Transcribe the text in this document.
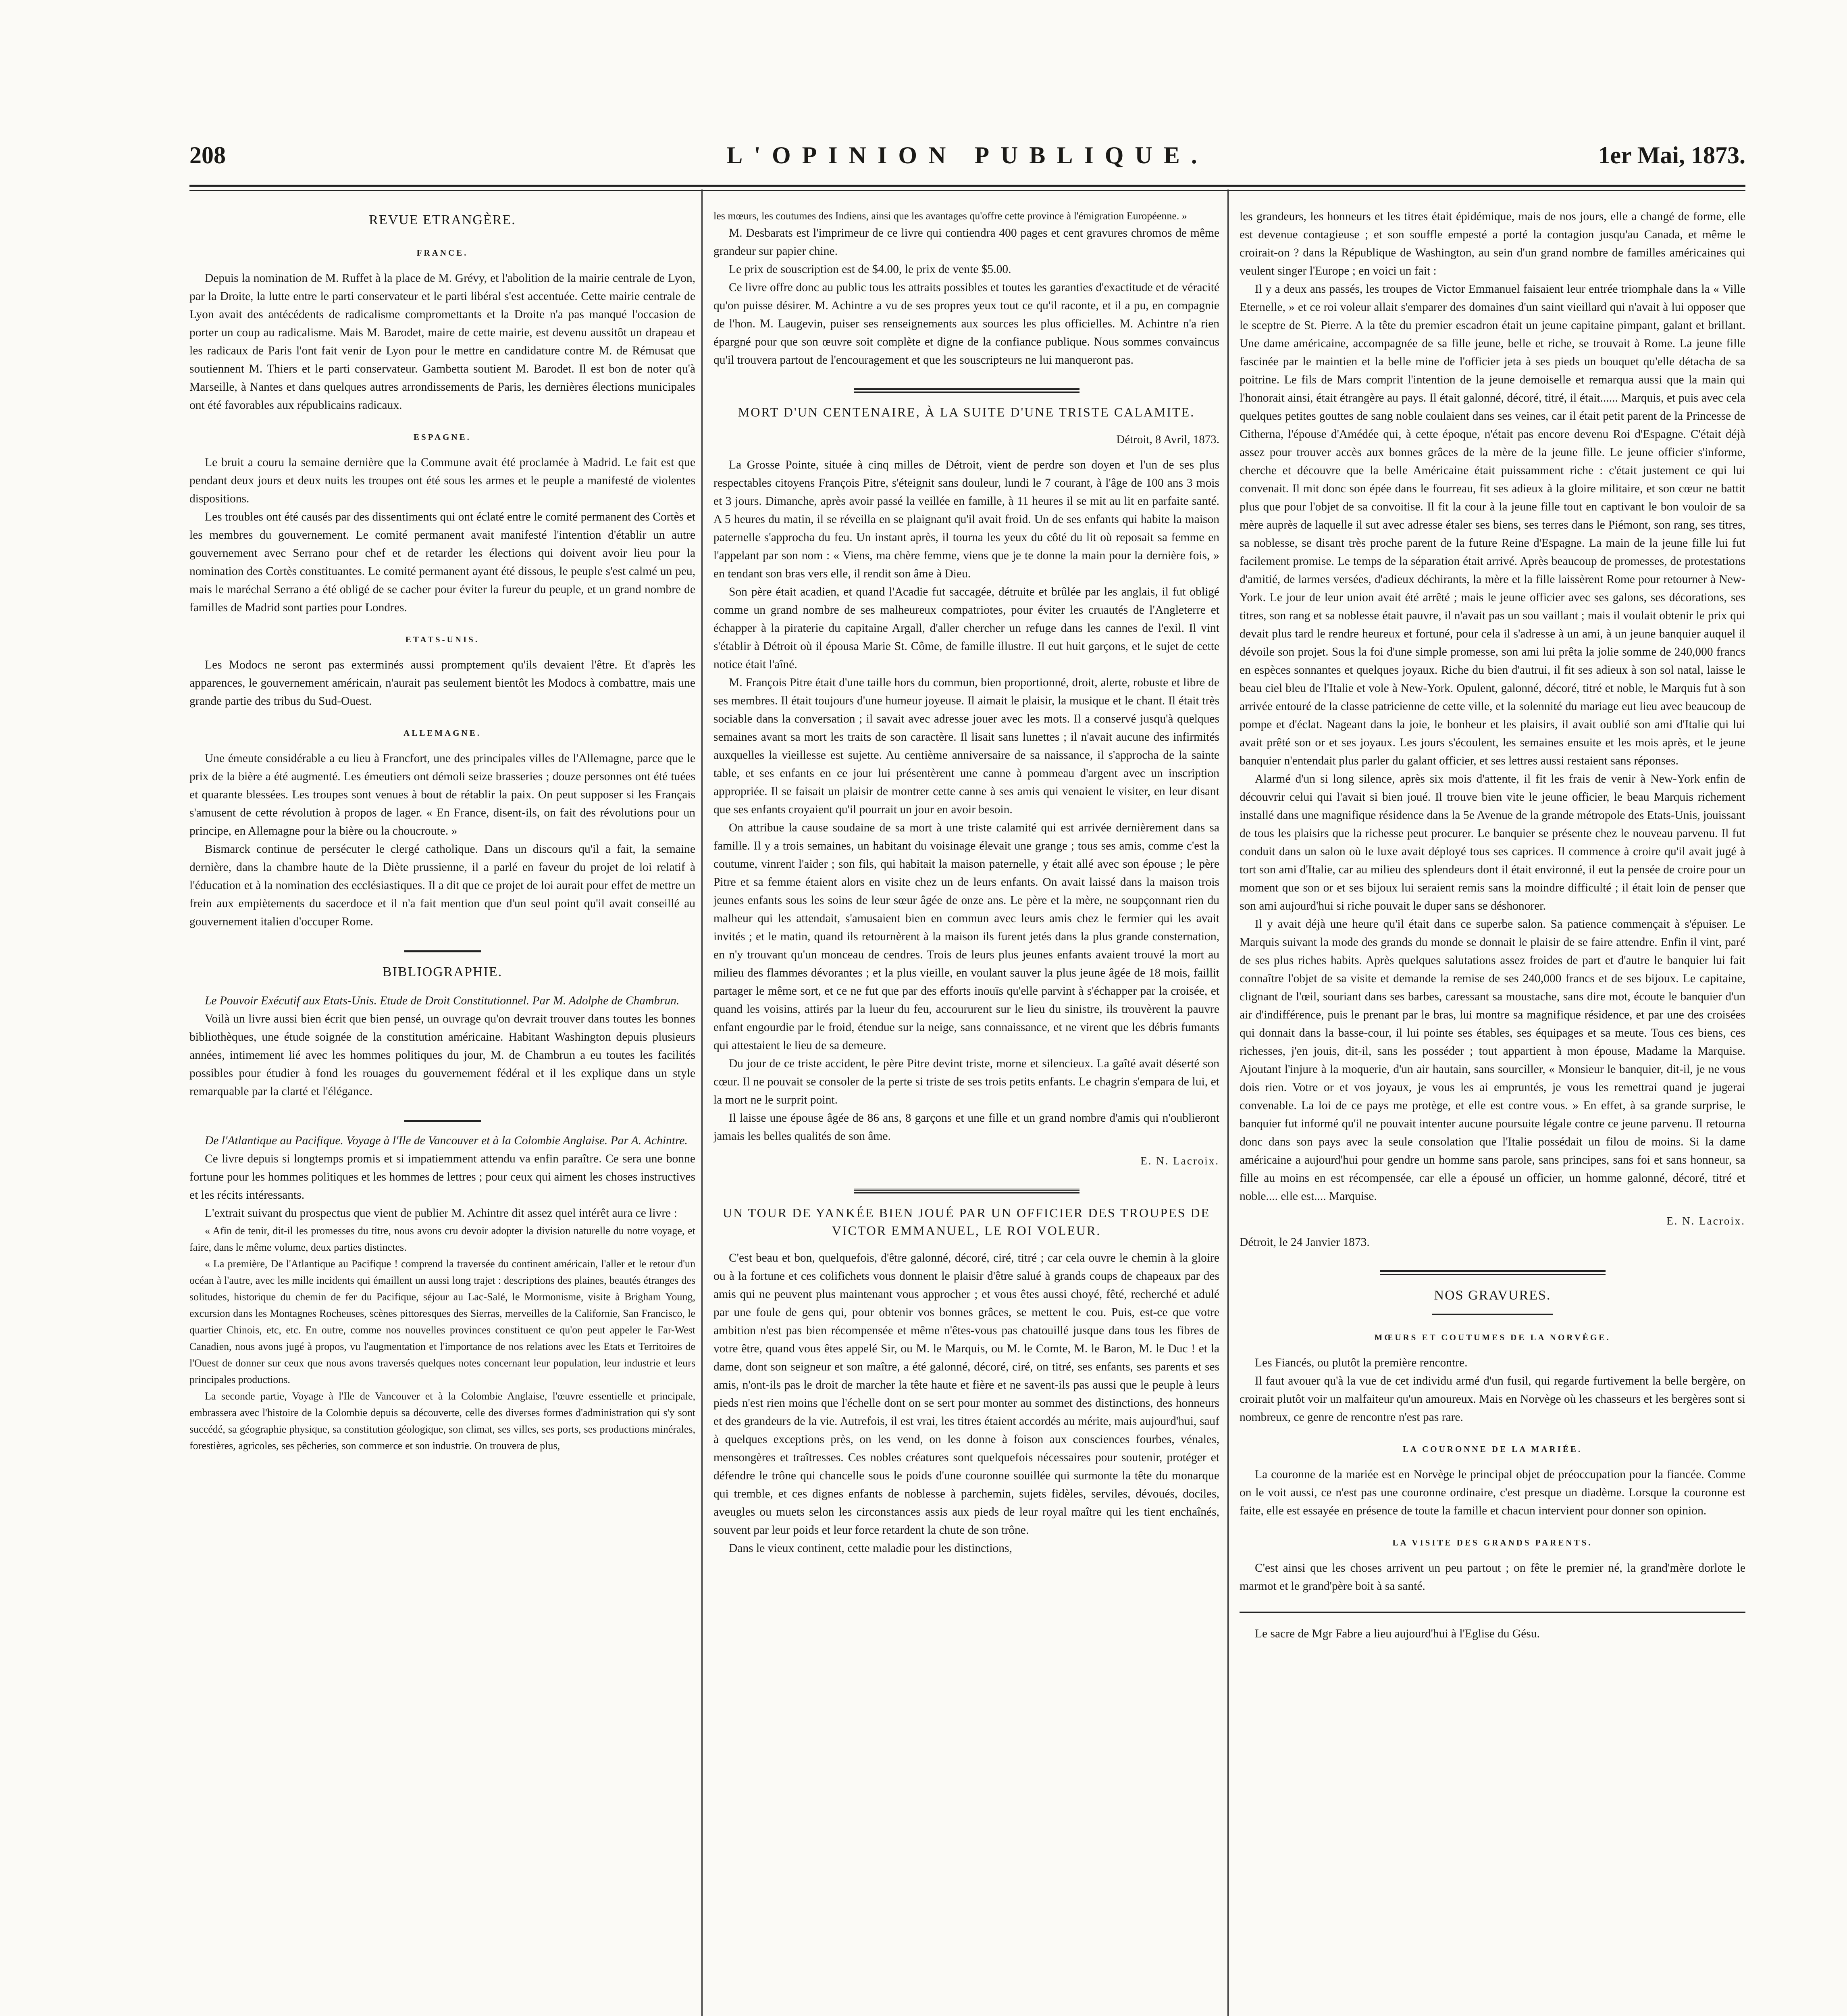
208	L'OPINION PUBLIQUE.	1er Mai, 1873.
REVUE ETRANGÈRE.
FRANCE.

Depuis la nomination de M. Ruffet à la place de M. Grévy, et l'abolition de la mairie centrale de Lyon, par la Droite, la lutte entre le parti conservateur et le parti libéral s'est accentuée. Cette mairie centrale de Lyon avait des antécédents de radicalisme compromettants et la Droite n'a pas manqué l'occasion de porter un coup au radicalisme. Mais M. Barodet, maire de cette mairie, est devenu aussitôt un drapeau et les radicaux de Paris l'ont fait venir de Lyon pour le mettre en candidature contre M. de Rémusat que soutiennent M. Thiers et le parti conservateur. Gambetta soutient M. Barodet. Il est bon de noter qu'à Marseille, à Nantes et dans quelques autres arrondissements de Paris, les dernières élections municipales ont été favorables aux républicains radicaux.

ESPAGNE.

Le bruit a couru la semaine dernière que la Commune avait été proclamée à Madrid. Le fait est que pendant deux jours et deux nuits les troupes ont été sous les armes et le peuple a manifesté de violentes dispositions.

Les troubles ont été causés par des dissentiments qui ont éclaté entre le comité permanent des Cortès et les membres du gouvernement. Le comité permanent avait manifesté l'intention d'établir un autre gouvernement avec Serrano pour chef et de retarder les élections qui doivent avoir lieu pour la nomination des Cortès constituantes. Le comité permanent ayant été dissous, le peuple s'est calmé un peu, mais le maréchal Serrano a été obligé de se cacher pour éviter la fureur du peuple, et un grand nombre de familles de Madrid sont parties pour Londres.

ETATS-UNIS.

Les Modocs ne seront pas exterminés aussi promptement qu'ils devaient l'être. Et d'après les apparences, le gouvernement américain, n'aurait pas seulement bientôt les Modocs à combattre, mais une grande partie des tribus du Sud-Ouest.

ALLEMAGNE.

Une émeute considérable a eu lieu à Francfort, une des principales villes de l'Allemagne, parce que le prix de la bière a été augmenté. Les émeutiers ont démoli seize brasseries ; douze personnes ont été tuées et quarante blessées. Les troupes sont venues à bout de rétablir la paix. On peut supposer si les Français s'amusent de cette révolution à propos de lager. « En France, disent-ils, on fait des révolutions pour un principe, en Allemagne pour la bière ou la choucroute. »

Bismarck continue de persécuter le clergé catholique. Dans un discours qu'il a fait, la semaine dernière, dans la chambre haute de la Diète prussienne, il a parlé en faveur du projet de loi relatif à l'éducation et à la nomination des ecclésiastiques. Il a dit que ce projet de loi aurait pour effet de mettre un frein aux empiètements du sacerdoce et il n'a fait mention que d'un seul point qu'il avait conseillé au gouvernement italien d'occuper Rome.

BIBLIOGRAPHIE.

Le Pouvoir Exécutif aux Etats-Unis. Etude de Droit Constitutionnel. Par M. Adolphe de Chambrun.

Voilà un livre aussi bien écrit que bien pensé, un ouvrage qu'on devrait trouver dans toutes les bonnes bibliothèques, une étude soignée de la constitution américaine. Habitant Washington depuis plusieurs années, intimement lié avec les hommes politiques du jour, M. de Chambrun a eu toutes les facilités possibles pour étudier à fond les rouages du gouvernement fédéral et il les explique dans un style remarquable par la clarté et l'élégance.

De l'Atlantique au Pacifique. Voyage à l'Ile de Vancouver et à la Colombie Anglaise. Par A. Achintre.

Ce livre depuis si longtemps promis et si impatiemment attendu va enfin paraître. Ce sera une bonne fortune pour les hommes politiques et les hommes de lettres ; pour ceux qui aiment les choses instructives et les récits intéressants.

L'extrait suivant du prospectus que vient de publier M. Achintre dit assez quel intérêt aura ce livre :

« Afin de tenir, dit-il les promesses du titre, nous avons cru devoir adopter la division naturelle du notre voyage, et faire, dans le même volume, deux parties distinctes.

« La première, De l'Atlantique au Pacifique ! comprend la traversée du continent américain, l'aller et le retour d'un océan à l'autre, avec les mille incidents qui émaillent un aussi long trajet : descriptions des plaines, beautés étranges des solitudes, historique du chemin de fer du Pacifique, séjour au Lac-Salé, le Mormonisme, visite à Brigham Young, excursion dans les Montagnes Rocheuses, scènes pittoresques des Sierras, merveilles de la Californie, San Francisco, le quartier Chinois, etc, etc. En outre, comme nos nouvelles provinces constituent ce qu'on peut appeler le Far-West Canadien, nous avons jugé à propos, vu l'augmentation et l'importance de nos relations avec les Etats et Territoires de l'Ouest de donner sur ceux que nous avons traversés quelques notes concernant leur population, leur industrie et leurs principales productions.

La seconde partie, Voyage à l'Ile de Vancouver et à la Colombie Anglaise, l'œuvre essentielle et principale, embrassera avec l'histoire de la Colombie depuis sa découverte, celle des diverses formes d'administration qui s'y sont succédé, sa géographie physique, sa constitution géologique, son climat, ses villes, ses ports, ses productions minérales, forestières, agricoles, ses pêcheries, son commerce et son industrie. On trouvera de plus,

les mœurs, les coutumes des Indiens, ainsi que les avantages qu'offre cette province à l'émigration Européenne. »

M. Desbarats est l'imprimeur de ce livre qui contiendra 400 pages et cent gravures chromos de même grandeur sur papier chine.

Le prix de souscription est de $4.00, le prix de vente $5.00.

Ce livre offre donc au public tous les attraits possibles et toutes les garanties d'exactitude et de véracité qu'on puisse désirer. M. Achintre a vu de ses propres yeux tout ce qu'il raconte, et il a pu, en compagnie de l'hon. M. Laugevin, puiser ses renseignements aux sources les plus officielles. M. Achintre n'a rien épargné pour que son œuvre soit complète et digne de la confiance publique. Nous sommes convaincus qu'il trouvera partout de l'encouragement et que les souscripteurs ne lui manqueront pas.

MORT D'UN CENTENAIRE, À LA SUITE D'UNE TRISTE CALAMITE.
Détroit, 8 Avril, 1873.

La Grosse Pointe, située à cinq milles de Détroit, vient de perdre son doyen et l'un de ses plus respectables citoyens François Pitre, s'éteignit sans douleur, lundi le 7 courant, à l'âge de 100 ans 3 mois et 3 jours. Dimanche, après avoir passé la veillée en famille, à 11 heures il se mit au lit en parfaite santé. A 5 heures du matin, il se réveilla en se plaignant qu'il avait froid. Un de ses enfants qui habite la maison paternelle s'approcha du feu. Un instant après, il tourna les yeux du côté du lit où reposait sa femme en l'appelant par son nom : « Viens, ma chère femme, viens que je te donne la main pour la dernière fois, » en tendant son bras vers elle, il rendit son âme à Dieu.

Son père était acadien, et quand l'Acadie fut saccagée, détruite et brûlée par les anglais, il fut obligé comme un grand nombre de ses malheureux compatriotes, pour éviter les cruautés de l'Angleterre et échapper à la piraterie du capitaine Argall, d'aller chercher un refuge dans les cannes de l'exil. Il vint s'établir à Détroit où il épousa Marie St. Côme, de famille illustre. Il eut huit garçons, et le sujet de cette notice était l'aîné.

M. François Pitre était d'une taille hors du commun, bien proportionné, droit, alerte, robuste et libre de ses membres. Il était toujours d'une humeur joyeuse. Il aimait le plaisir, la musique et le chant. Il était très sociable dans la conversation ; il savait avec adresse jouer avec les mots. Il a conservé jusqu'à quelques semaines avant sa mort les traits de son caractère. Il lisait sans lunettes ; il n'avait aucune des infirmités auxquelles la vieillesse est sujette. Au centième anniversaire de sa naissance, il s'approcha de la sainte table, et ses enfants en ce jour lui présentèrent une canne à pommeau d'argent avec un inscription appropriée. Il se faisait un plaisir de montrer cette canne à ses amis qui venaient le visiter, en leur disant que ses enfants croyaient qu'il pourrait un jour en avoir besoin.

On attribue la cause soudaine de sa mort à une triste calamité qui est arrivée dernièrement dans sa famille. Il y a trois semaines, un habitant du voisinage élevait une grange ; tous ses amis, comme c'est la coutume, vinrent l'aider ; son fils, qui habitait la maison paternelle, y était allé avec son épouse ; le père Pitre et sa femme étaient alors en visite chez un de leurs enfants. On avait laissé dans la maison trois jeunes enfants sous les soins de leur sœur âgée de onze ans. Le père et la mère, ne soupçonnant rien du malheur qui les attendait, s'amusaient bien en commun avec leurs amis chez le fermier qui les avait invités ; et le matin, quand ils retournèrent à la maison ils furent jetés dans la plus grande consternation, en n'y trouvant qu'un monceau de cendres. Trois de leurs plus jeunes enfants avaient trouvé la mort au milieu des flammes dévorantes ; et la plus vieille, en voulant sauver la plus jeune âgée de 18 mois, faillit partager le même sort, et ce ne fut que par des efforts inouïs qu'elle parvint à s'échapper par la croisée, et quand les voisins, attirés par la lueur du feu, accoururent sur le lieu du sinistre, ils trouvèrent la pauvre enfant engourdie par le froid, étendue sur la neige, sans connaissance, et ne virent que les débris fumants qui attestaient le lieu de sa demeure.

Du jour de ce triste accident, le père Pitre devint triste, morne et silencieux. La gaîté avait déserté son cœur. Il ne pouvait se consoler de la perte si triste de ses trois petits enfants. Le chagrin s'empara de lui, et la mort ne le surprit point.

Il laisse une épouse âgée de 86 ans, 8 garçons et une fille et un grand nombre d'amis qui n'oublieront jamais les belles qualités de son âme.

E. N. Lacroix.
UN TOUR DE YANKÉE BIEN JOUÉ PAR UN OFFICIER DES TROUPES DE VICTOR EMMANUEL, LE ROI VOLEUR.

C'est beau et bon, quelquefois, d'être galonné, décoré, ciré, titré ; car cela ouvre le chemin à la gloire ou à la fortune et ces colifichets vous donnent le plaisir d'être salué à grands coups de chapeaux par des amis qui ne peuvent plus maintenant vous approcher ; et vous êtes aussi choyé, fêté, recherché et adulé par une foule de gens qui, pour obtenir vos bonnes grâces, se mettent le cou. Puis, est-ce que votre ambition n'est pas bien récompensée et même n'êtes-vous pas chatouillé jusque dans tous les fibres de votre être, quand vous êtes appelé Sir, ou M. le Marquis, ou M. le Comte, M. le Baron, M. le Duc ! et la dame, dont son seigneur et son maître, a été galonné, décoré, ciré, on titré, ses enfants, ses parents et ses amis, n'ont-ils pas le droit de marcher la tête haute et fière et ne savent-ils pas aussi que le peuple à leurs pieds n'est rien moins que l'échelle dont on se sert pour monter au sommet des distinctions, des honneurs et des grandeurs de la vie. Autrefois, il est vrai, les titres étaient accordés au mérite, mais aujourd'hui, sauf à quelques exceptions près, on les vend, on les donne à foison aux consciences fourbes, vénales, mensongères et traîtresses. Ces nobles créatures sont quelquefois nécessaires pour soutenir, protéger et défendre le trône qui chancelle sous le poids d'une couronne souillée qui surmonte la tête du monarque qui tremble, et ces dignes enfants de noblesse à parchemin, sujets fidèles, serviles, dévoués, dociles, aveugles ou muets selon les circonstances assis aux pieds de leur royal maître qui les tient enchaînés, souvent par leur poids et leur force retardent la chute de son trône.

Dans le vieux continent, cette maladie pour les distinctions,

les grandeurs, les honneurs et les titres était épidémique, mais de nos jours, elle a changé de forme, elle est devenue contagieuse ; et son souffle empesté a porté la contagion jusqu'au Canada, et même le croirait-on ? dans la République de Washington, au sein d'un grand nombre de familles américaines qui veulent singer l'Europe ; en voici un fait :

Il y a deux ans passés, les troupes de Victor Emmanuel faisaient leur entrée triomphale dans la « Ville Eternelle, » et ce roi voleur allait s'emparer des domaines d'un saint vieillard qui n'avait à lui opposer que le sceptre de St. Pierre. A la tête du premier escadron était un jeune capitaine pimpant, galant et brillant. Une dame américaine, accompagnée de sa fille jeune, belle et riche, se trouvait à Rome. La jeune fille fascinée par le maintien et la belle mine de l'officier jeta à ses pieds un bouquet qu'elle détacha de sa poitrine. Le fils de Mars comprit l'intention de la jeune demoiselle et remarqua aussi que la main qui l'honorait ainsi, était étrangère au pays. Il était galonné, décoré, titré, il était...... Marquis, et puis avec cela quelques petites gouttes de sang noble coulaient dans ses veines, car il était petit parent de la Princesse de Citherna, l'épouse d'Amédée qui, à cette époque, n'était pas encore devenu Roi d'Espagne. C'était déjà assez pour trouver accès aux bonnes grâces de la mère de la jeune fille. Le jeune officier s'informe, cherche et découvre que la belle Américaine était puissamment riche : c'était justement ce qui lui convenait. Il mit donc son épée dans le fourreau, fit ses adieux à la gloire militaire, et son cœur ne battit plus que pour l'objet de sa convoitise. Il fit la cour à la jeune fille tout en captivant le bon vouloir de sa mère auprès de laquelle il sut avec adresse étaler ses biens, ses terres dans le Piémont, son rang, ses titres, sa noblesse, se disant très proche parent de la future Reine d'Espagne. La main de la jeune fille lui fut facilement promise. Le temps de la séparation était arrivé. Après beaucoup de promesses, de protestations d'amitié, de larmes versées, d'adieux déchirants, la mère et la fille laissèrent Rome pour retourner à New-York. Le jour de leur union avait été arrêté ; mais le jeune officier avec ses galons, ses décorations, ses titres, son rang et sa noblesse était pauvre, il n'avait pas un sou vaillant ; mais il voulait obtenir le prix qui devait plus tard le rendre heureux et fortuné, pour cela il s'adresse à un ami, à un jeune banquier auquel il dévoile son projet. Sous la foi d'une simple promesse, son ami lui prêta la jolie somme de 240,000 francs en espèces sonnantes et quelques joyaux. Riche du bien d'autrui, il fit ses adieux à son sol natal, laisse le beau ciel bleu de l'Italie et vole à New-York. Opulent, galonné, décoré, titré et noble, le Marquis fut à son arrivée entouré de la classe patricienne de cette ville, et la solennité du mariage eut lieu avec beaucoup de pompe et d'éclat. Nageant dans la joie, le bonheur et les plaisirs, il avait oublié son ami d'Italie qui lui avait prêté son or et ses joyaux. Les jours s'écoulent, les semaines ensuite et les mois après, et le jeune banquier n'entendait plus parler du galant officier, et ses lettres aussi restaient sans réponses.

Alarmé d'un si long silence, après six mois d'attente, il fit les frais de venir à New-York enfin de découvrir celui qui l'avait si bien joué. Il trouve bien vite le jeune officier, le beau Marquis richement installé dans une magnifique résidence dans la 5e Avenue de la grande métropole des Etats-Unis, jouissant de tous les plaisirs que la richesse peut procurer. Le banquier se présente chez le nouveau parvenu. Il fut conduit dans un salon où le luxe avait déployé tous ses caprices. Il commence à croire qu'il avait jugé à tort son ami d'Italie, car au milieu des splendeurs dont il était environné, il eut la pensée de croire pour un moment que son or et ses bijoux lui seraient remis sans la moindre difficulté ; il était loin de penser que son ami aujourd'hui si riche pouvait le duper sans se déshonorer.

Il y avait déjà une heure qu'il était dans ce superbe salon. Sa patience commençait à s'épuiser. Le Marquis suivant la mode des grands du monde se donnait le plaisir de se faire attendre. Enfin il vint, paré de ses plus riches habits. Après quelques salutations assez froides de part et d'autre le banquier lui fait connaître l'objet de sa visite et demande la remise de ses 240,000 francs et de ses bijoux. Le capitaine, clignant de l'œil, souriant dans ses barbes, caressant sa moustache, sans dire mot, écoute le banquier d'un air d'indifférence, puis le prenant par le bras, lui montre sa magnifique résidence, et par une des croisées qui donnait dans la basse-cour, il lui pointe ses étables, ses équipages et sa meute. Tous ces biens, ces richesses, j'en jouis, dit-il, sans les posséder ; tout appartient à mon épouse, Madame la Marquise. Ajoutant l'injure à la moquerie, d'un air hautain, sans sourciller, « Monsieur le banquier, dit-il, je ne vous dois rien. Votre or et vos joyaux, je vous les ai empruntés, je vous les remettrai quand je jugerai convenable. La loi de ce pays me protège, et elle est contre vous. » En effet, à sa grande surprise, le banquier fut informé qu'il ne pouvait intenter aucune poursuite légale contre ce jeune parvenu. Il retourna donc dans son pays avec la seule consolation que l'Italie possédait un filou de moins. Si la dame américaine a aujourd'hui pour gendre un homme sans parole, sans principes, sans foi et sans honneur, sa fille au moins en est récompensée, car elle a épousé un officier, un homme galonné, décoré, titré et noble.... elle est.... Marquise.

E. N. Lacroix.

Détroit, le 24 Janvier 1873.

NOS GRAVURES.
MŒURS ET COUTUMES DE LA NORVÈGE.

Les Fiancés, ou plutôt la première rencontre.

Il faut avouer qu'à la vue de cet individu armé d'un fusil, qui regarde furtivement la belle bergère, on croirait plutôt voir un malfaiteur qu'un amoureux. Mais en Norvège où les chasseurs et les bergères sont si nombreux, ce genre de rencontre n'est pas rare.

LA COURONNE DE LA MARIÉE.

La couronne de la mariée est en Norvège le principal objet de préoccupation pour la fiancée. Comme on le voit aussi, ce n'est pas une couronne ordinaire, c'est presque un diadème. Lorsque la couronne est faite, elle est essayée en présence de toute la famille et chacun intervient pour donner son opinion.

LA VISITE DES GRANDS PARENTS.

C'est ainsi que les choses arrivent un peu partout ; on fête le premier né, la grand'mère dorlote le marmot et le grand'père boit à sa santé.

Le sacre de Mgr Fabre a lieu aujourd'hui à l'Eglise du Gésu.
